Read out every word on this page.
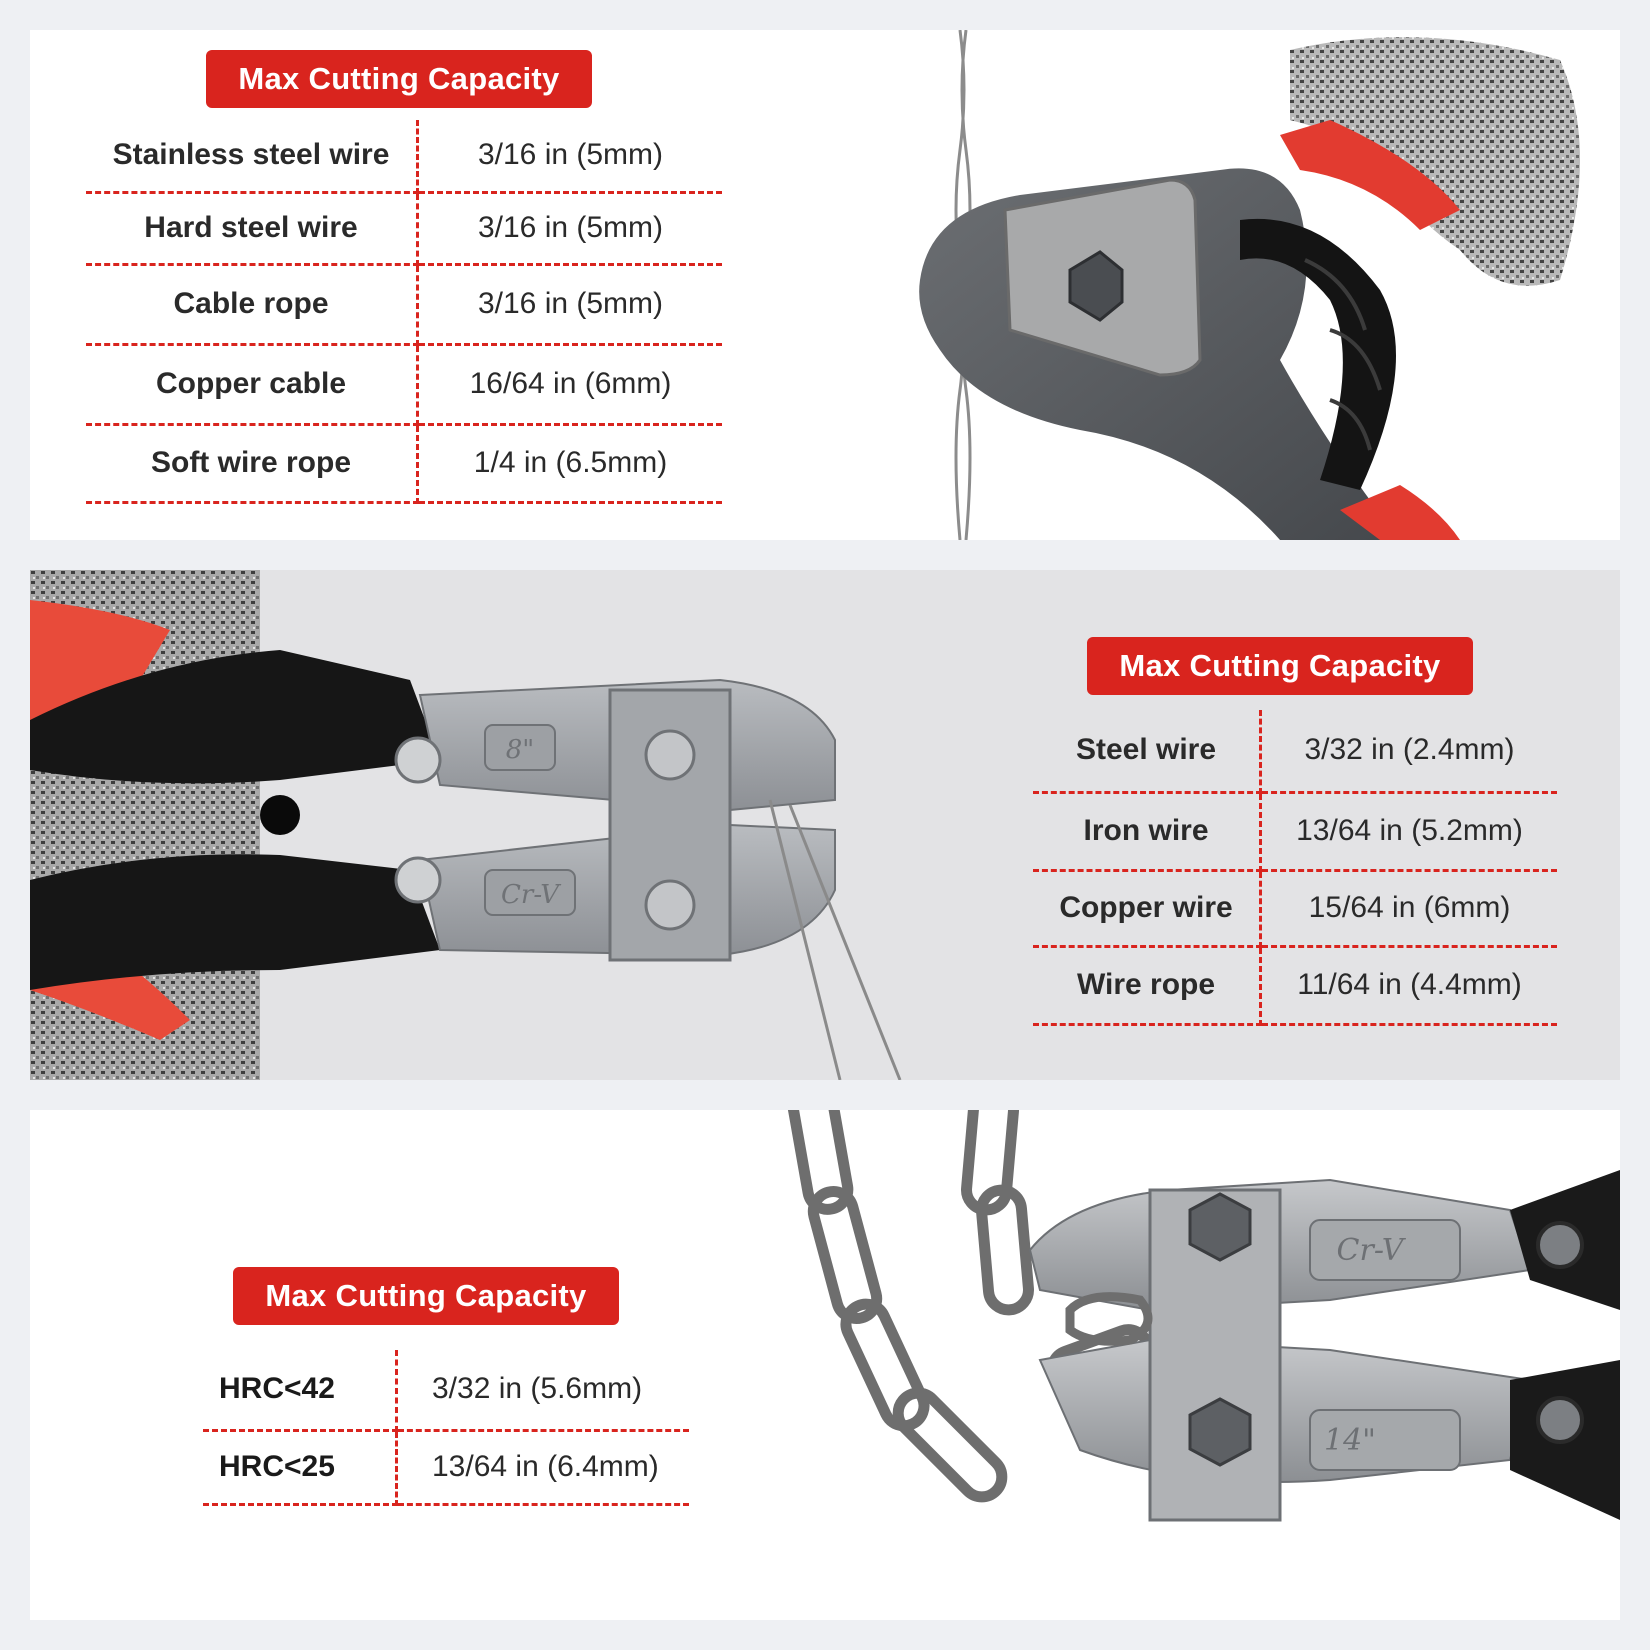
Max Cutting Capacity
Stainless steel wire	3/16 in (5mm)
Hard steel wire	3/16 in (5mm)
Cable rope	3/16 in (5mm)
Copper cable	16/64 in (6mm)
Soft wire rope	1/4 in (6.5mm)
8"
Cr-V
Max Cutting Capacity
Steel wire	3/32 in (2.4mm)
Iron wire	13/64 in (5.2mm)
Copper wire	15/64 in (6mm)
Wire rope	11/64 in (4.4mm)
Max Cutting Capacity
HRC<42	3/32 in (5.6mm)
HRC<25	13/64 in (6.4mm)
Cr-V
14"
